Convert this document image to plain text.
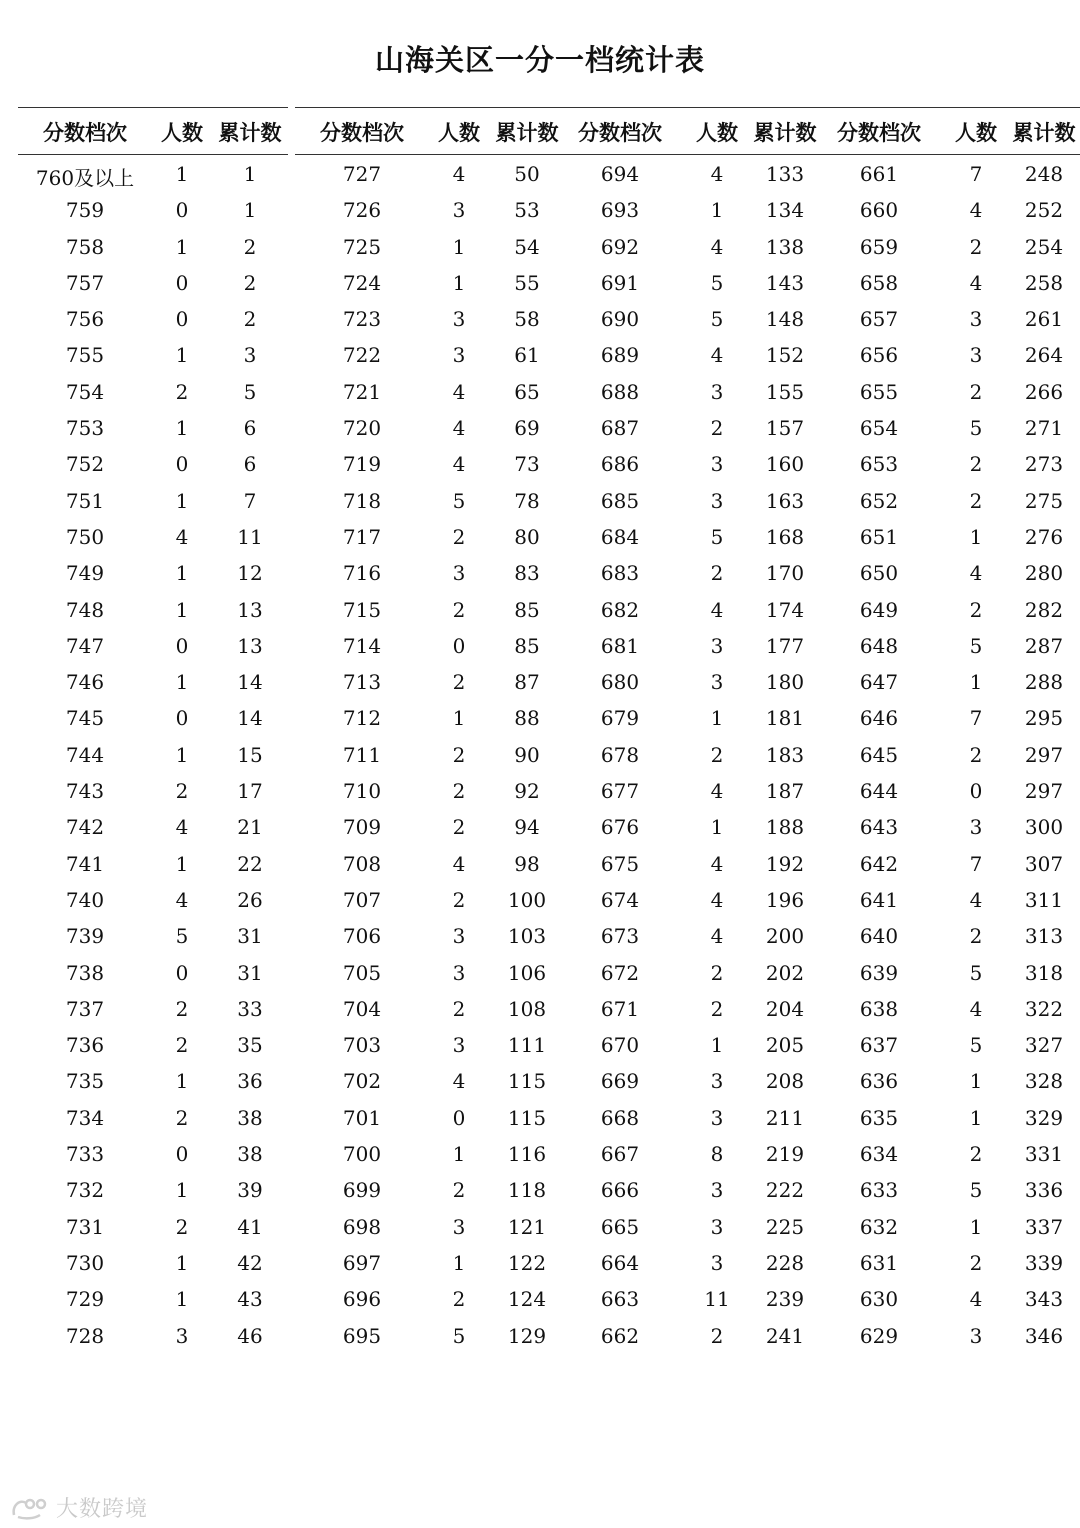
山海关区一分一档统计表
分数档次	人数 累计数
760及以上	1	1
759	0	1
758	1	2
757	0	2
756	0	2
755	1	3
754	2	5
753	1	6
752	0	6
751	1	7
750	4	11
749	1	12
748	1	13
747	0	13
746	1	14
745	0	14
744	1	15
743	2	17
742	4	21
741	1	22
740	4	26
739	5	31
738	0	31
737	2	33
736	2	35
735	1	36
734	2	38
733	0	38
732	1	39
731	2	41
730	1	42
729	1	43
728	3	46
分数档次	人数 累计数
727	4	50
726	3	53
725	1	54
724	1	55
723	3	58
722	3	61
721	4	65
720	4	69
719	4	73
718	5	78
717	2	80
716	3	83
715	2	85
714	0	85
713	2	87
712	1	88
711	2	90
710	2	92
709	2	94
708	4	98
707	2	100
706	3	103
705	3	106
704	2	108
703	3	111
702	4	115
701	0	115
700	1	116
699	2	118
698	3	121
697	1	122
696	2	124
695	5	129
分数档次	人数 累计数
694	4	133
693	1	134
692	4	138
691	5	143
690	5	148
689	4	152
688	3	155
687	2	157
686	3	160
685	3	163
684	5	168
683	2	170
682	4	174
681	3	177
680	3	180
679	1	181
678	2	183
677	4	187
676	1	188
675	4	192
674	4	196
673	4	200
672	2	202
671	2	204
670	1	205
669	3	208
668	3	211
667	8	219
666	3	222
665	3	225
664	3	228
663	11	239
662	2	241
分数档次	人数 累计数
661	7	248
660	4	252
659	2	254
658	4	258
657	3	261
656	3	264
655	2	266
654	5	271
653	2	273
652	2	275
651	1	276
650	4	280
649	2	282
648	5	287
647	1	288
646	7	295
645	2	297
644	0	297
643	3	300
642	7	307
641	4	311
640	2	313
639	5	318
638	4	322
637	5	327
636	1	328
635	1	329
634	2	331
633	5	336
632	1	337
631	2	339
630	4	343
629	3	346
大数跨境
